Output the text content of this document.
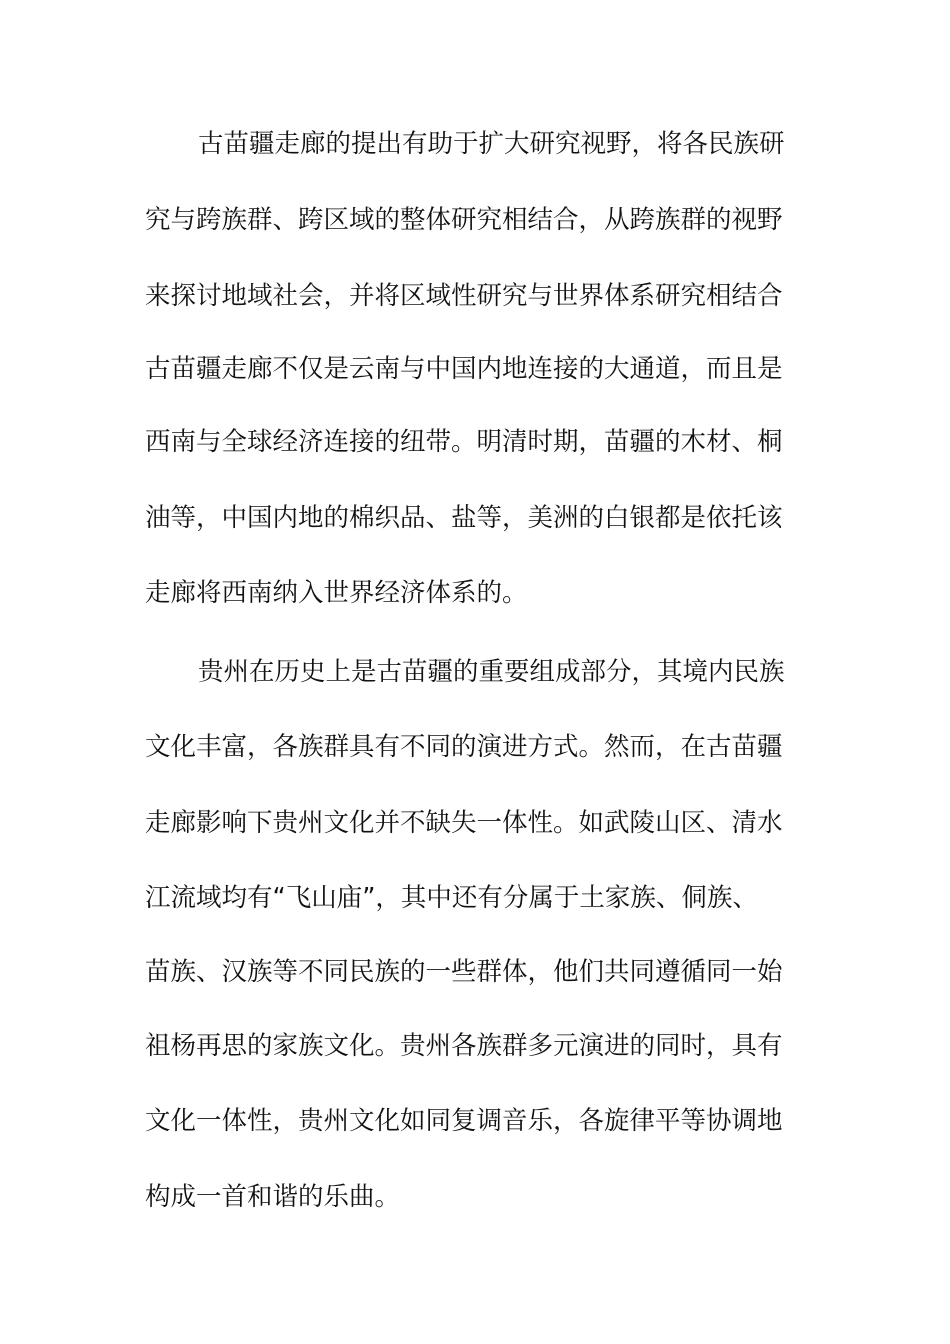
古苗疆走廊的提出有助于扩大研究视野，将各民族研
究与跨族群、跨区域的整体研究相结合，从跨族群的视野
来探讨地域社会，并将区域性研究与世界体系研究相结合
古苗疆走廊不仅是云南与中国内地连接的大通道，而且是
西南与全球经济连接的纽带。明清时期，苗疆的木材、桐
油等，中国内地的棉织品、盐等，美洲的白银都是依托该
走廊将西南纳入世界经济体系的。
贵州在历史上是古苗疆的重要组成部分，其境内民族
文化丰富，各族群具有不同的演进方式。然而，在古苗疆
走廊影响下贵州文化并不缺失一体性。如武陵山区、清水
江流域均有“飞山庙”，其中还有分属于土家族、侗族、
苗族、汉族等不同民族的一些群体，他们共同遵循同一始
祖杨再思的家族文化。贵州各族群多元演进的同时，具有
文化一体性，贵州文化如同复调音乐，各旋律平等协调地
构成一首和谐的乐曲。
